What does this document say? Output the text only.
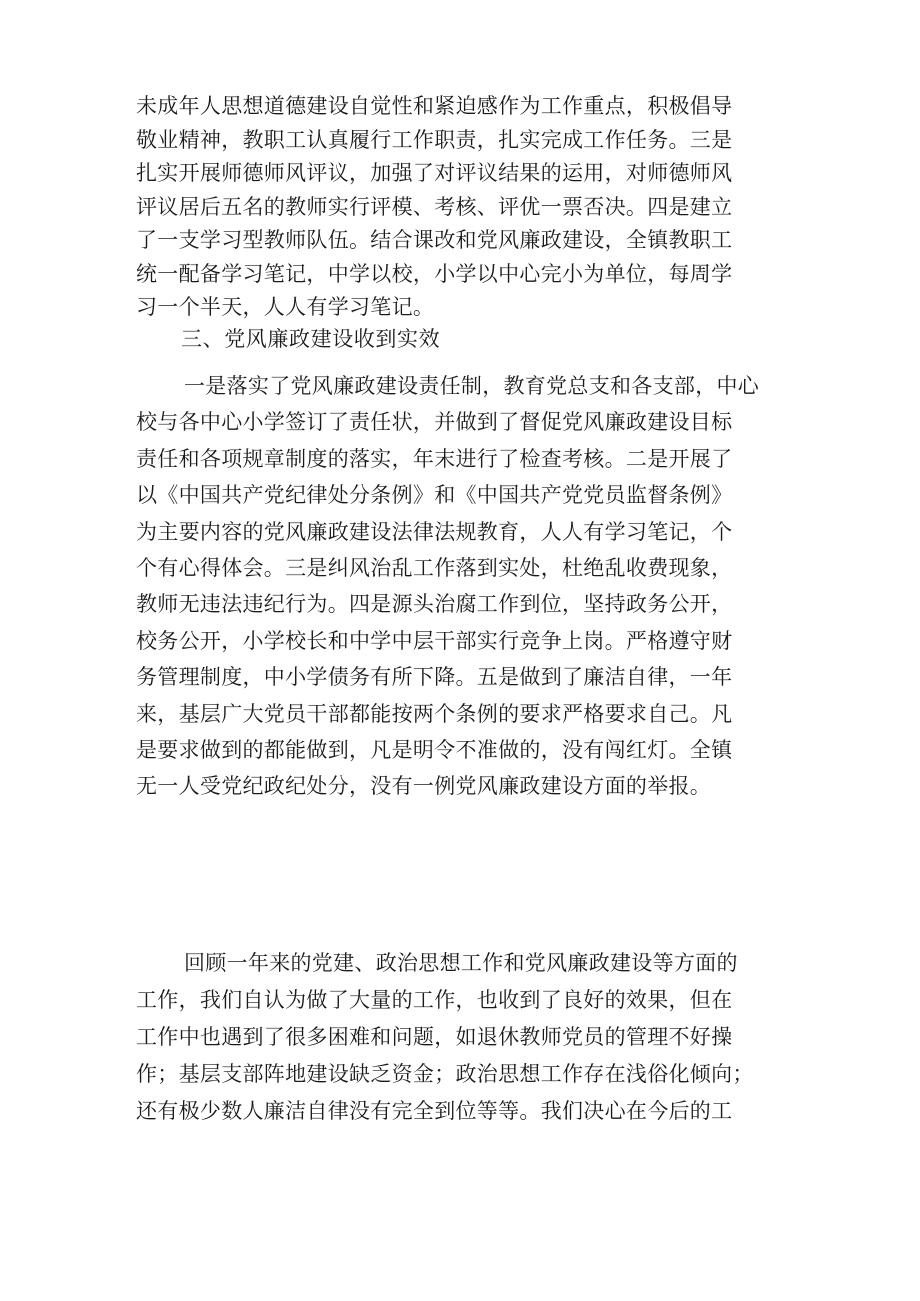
未成年人思想道德建设自觉性和紧迫感作为工作重点，积极倡导
敬业精神，教职工认真履行工作职责，扎实完成工作任务。三是
扎实开展师德师风评议，加强了对评议结果的运用，对师德师风
评议居后五名的教师实行评模、考核、评优一票否决。四是建立
了一支学习型教师队伍。结合课改和党风廉政建设，全镇教职工
统一配备学习笔记，中学以校，小学以中心完小为单位，每周学
习一个半天，人人有学习笔记。
三、党风廉政建设收到实效
一是落实了党风廉政建设责任制，教育党总支和各支部，中心
校与各中心小学签订了责任状，并做到了督促党风廉政建设目标
责任和各项规章制度的落实，年末进行了检查考核。二是开展了
以《中国共产党纪律处分条例》和《中国共产党党员监督条例》
为主要内容的党风廉政建设法律法规教育，人人有学习笔记，个
个有心得体会。三是纠风治乱工作落到实处，杜绝乱收费现象，
教师无违法违纪行为。四是源头治腐工作到位，坚持政务公开，
校务公开，小学校长和中学中层干部实行竞争上岗。严格遵守财
务管理制度，中小学债务有所下降。五是做到了廉洁自律，一年
来，基层广大党员干部都能按两个条例的要求严格要求自己。凡
是要求做到的都能做到，凡是明令不准做的，没有闯红灯。全镇
无一人受党纪政纪处分，没有一例党风廉政建设方面的举报。
回顾一年来的党建、政治思想工作和党风廉政建设等方面的
工作，我们自认为做了大量的工作，也收到了良好的效果，但在
工作中也遇到了很多困难和问题，如退休教师党员的管理不好操
作；基层支部阵地建设缺乏资金；政治思想工作存在浅俗化倾向；
还有极少数人廉洁自律没有完全到位等等。我们决心在今后的工
